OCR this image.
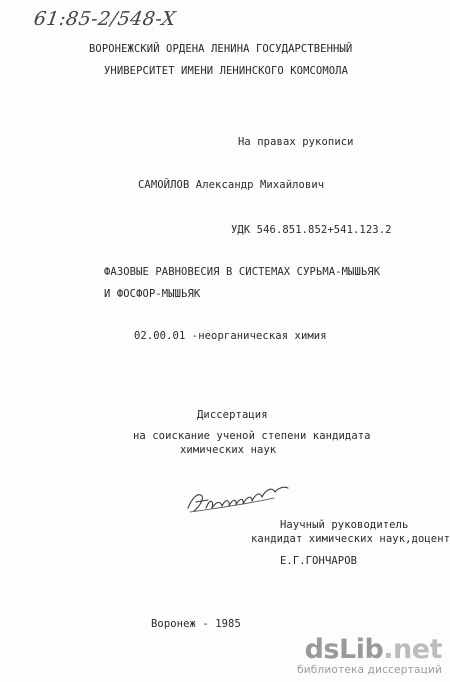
61:85-2/548-X
ВОРОНЕЖСКИЙ ОРДЕНА ЛЕНИНА ГОСУДАРСТВЕННЫЙ
УНИВЕРСИТЕТ ИМЕНИ ЛЕНИНСКОГО КОМСОМОЛА
На правах рукописи
САМОЙЛОВ Александр Михайлович
УДК 546.851.852+541.123.2
ФАЗОВЫЕ РАВНОВЕСИЯ В СИСТЕМАХ СУРЬМА-МЫШЬЯК
И ФОСФОР-МЫШЬЯК
02.00.01 -неорганическая химия
Диссертация
на соискание ученой степени кандидата
химических наук
Научный руководитель
кандидат химических наук,доцент
Е.Г.ГОНЧАРОВ
Воронеж - 1985
dsLib.net
библиотека диссертаций
